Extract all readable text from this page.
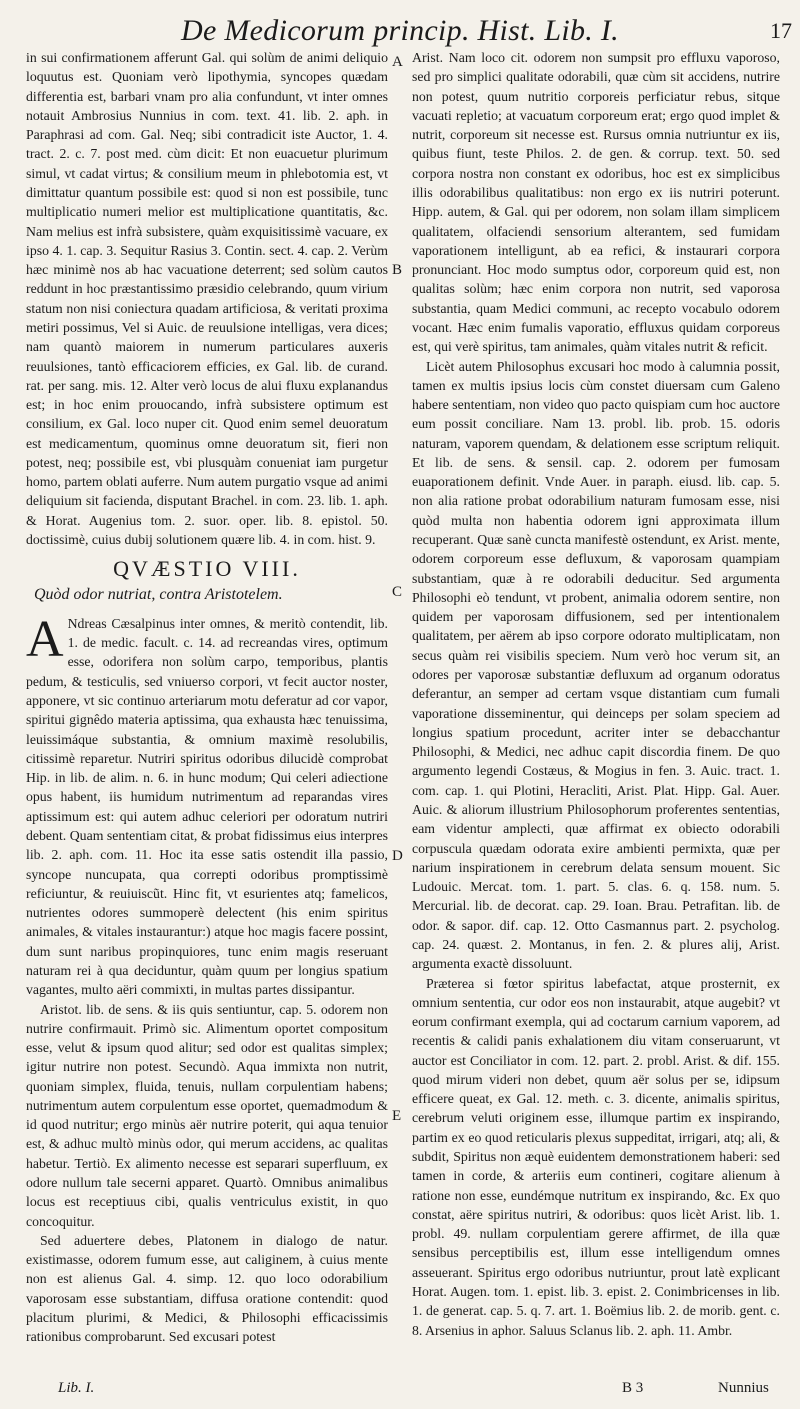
De Medicorum princip. Hist. Lib. I.	17

in sui confirmationem afferunt Gal. qui solùm de animi deliquio loquutus est. Quoniam verò lipothymia, syncopes quædam differentia est, barbari vnam pro alia confundunt, vt inter omnes notauit Ambrosius Nunnius in com. text. 41. lib. 2. aph. in Paraphrasi ad com. Gal. Neq; sibi contradicit iste Auctor, 1. 4. tract. 2. c. 7. post med. cùm dicit: Et non euacuetur plurimum simul, vt cadat virtus; & consilium meum in phlebotomia est, vt dimittatur quantum possibile est: quod si non est possibile, tunc multiplicatio numeri melior est multiplicatione quantitatis, &c. Nam melius est infrà subsistere, quàm exquisitissimè vacuare, ex ipso 4. 1. cap. 3. Sequitur Rasius 3. Contin. sect. 4. cap. 2. Verùm hæc minimè nos ab hac vacuatione deterrent; sed solùm cautos reddunt in hoc præstantissimo præsidio celebrando, quum virium statum non nisi coniectura quadam artificiosa, & veritati proxima metiri possimus, Vel si Auic. de reuulsione intelligas, vera dices; nam quantò maiorem in numerum particulares auxeris reuulsiones, tantò efficaciorem efficies, ex Gal. lib. de curand. rat. per sang. mis. 12. Alter verò locus de alui fluxu explanandus est; in hoc enim prouocando, infrà subsistere optimum est consilium, ex Gal. loco nuper cit. Quod enim semel deuoratum est medicamentum, quominus omne deuoratum sit, fieri non potest, neq; possibile est, vbi plusquàm conueniat iam purgetur homo, partem oblati auferre. Num autem purgatio vsque ad animi deliquium sit facienda, disputant Brachel. in com. 23. lib. 1. aph. & Horat. Augenius tom. 2. suor. oper. lib. 8. epistol. 50. doctissimè, cuius dubij solutionem quære lib. 4. in com. hist. 9.

QVÆSTIO VIII.
Quòd odor nutriat, contra Aristotelem.

A Ndreas Cæsalpinus inter omnes, & meritò contendit, lib. 1. de medic. facult. c. 14. ad recreandas vires, optimum esse, odorifera non solùm carpo, temporibus, plantis pedum, & testiculis, sed vniuerso corpori, vt fecit auctor noster, apponere, vt sic continuo arteriarum motu deferatur ad cor vapor, spiritui gignêdo materia aptissima, qua exhausta hæc tenuissima, leuissimáque substantia, & omnium maximè resolubilis, citissimè reparetur. Nutriri spiritus odoribus dilucidè comprobat Hip. in lib. de alim. n. 6. in hunc modum; Qui celeri adiectione opus habent, iis humidum nutrimentum ad reparandas vires aptissimum est: qui autem adhuc celeriori per odoratum nutriri debent. Quam sententiam citat, & probat fidissimus eius interpres lib. 2. aph. com. 11. Hoc ita esse satis ostendit illa passio, syncope nuncupata, qua correpti odoribus promptissimè reficiuntur, & reuiuiscũt. Hinc fit, vt esurientes atq; famelicos, nutrientes odores summoperè delectent (his enim spiritus animales, & vitales instaurantur:) atque hoc magis facere possint, dum sunt naribus propinquiores, tunc enim magis reseruant naturam rei à qua deciduntur, quàm quum per longius spatium vagantes, multo aëri commixti, in multas partes dissipantur.

Aristot. lib. de sens. & iis quis sentiuntur, cap. 5. odorem non nutrire confirmauit. Primò sic. Alimentum oportet compositum esse, velut & ipsum quod alitur; sed odor est qualitas simplex; igitur nutrire non potest. Secundò. Aqua immixta non nutrit, quoniam simplex, fluida, tenuis, nullam corpulentiam habens; nutrimentum autem corpulentum esse oportet, quemadmodum & id quod nutritur; ergo minùs aër nutrire poterit, qui aqua tenuior est, & adhuc multò minùs odor, qui merum accidens, ac qualitas habetur. Tertiò. Ex alimento necesse est separari superfluum, ex odore nullum tale secerni apparet. Quartò. Omnibus animalibus locus est receptiuus cibi, qualis ventriculus existit, in quo concoquitur.

Sed aduertere debes, Platonem in dialogo de natur. existimasse, odorem fumum esse, aut caliginem, à cuius mente non est alienus Gal. 4. simp. 12. quo loco odorabilium vaporosam esse substantiam, diffusa oratione contendit: quod placitum plurimi, & Medici, & Philosophi efficacissimis rationibus comprobarunt. Sed excusari potest

A
B
C
D
E

Arist. Nam loco cit. odorem non sumpsit pro effluxu vaporoso, sed pro simplici qualitate odorabili, quæ cùm sit accidens, nutrire non potest, quum nutritio corporeis perficiatur rebus, sitque vacuati repletio; at vacuatum corporeum erat; ergo quod implet & nutrit, corporeum sit necesse est. Rursus omnia nutriuntur ex iis, quibus fiunt, teste Philos. 2. de gen. & corrup. text. 50. sed corpora nostra non constant ex odoribus, hoc est ex simplicibus illis odorabilibus qualitatibus: non ergo ex iis nutriri poterunt. Hipp. autem, & Gal. qui per odorem, non solam illam simplicem qualitatem, olfaciendi sensorium alterantem, sed fumidam vaporationem intelligunt, ab ea refici, & instaurari corpora pronunciant. Hoc modo sumptus odor, corporeum quid est, non qualitas solùm; hæc enim corpora non nutrit, sed vaporosa substantia, quam Medici communi, ac recepto vocabulo odorem vocant. Hæc enim fumalis vaporatio, effluxus quidam corporeus est, qui verè spiritus, tam animales, quàm vitales nutrit & reficit.

Licèt autem Philosophus excusari hoc modo à calumnia possit, tamen ex multis ipsius locis cùm constet diuersam cum Galeno habere sententiam, non video quo pacto quispiam cum hoc auctore eum possit conciliare. Nam 13. probl. lib. prob. 15. odoris naturam, vaporem quendam, & delationem esse scriptum reliquit. Et lib. de sens. & sensil. cap. 2. odorem per fumosam euaporationem definit. Vnde Auer. in paraph. eiusd. lib. cap. 5. non alia ratione probat odorabilium naturam fumosam esse, nisi quòd multa non habentia odorem igni approximata illum recuperant. Quæ sanè cuncta manifestè ostendunt, ex Arist. mente, odorem corporeum esse defluxum, & vaporosam quampiam substantiam, quæ à re odorabili deducitur. Sed argumenta Philosophi eò tendunt, vt probent, animalia odorem sentire, non quidem per vaporosam diffusionem, sed per intentionalem qualitatem, per aërem ab ipso corpore odorato multiplicatam, non secus quàm rei visibilis speciem. Num verò hoc verum sit, an odores per vaporosæ substantiæ defluxum ad organum odoratus deferantur, an semper ad certam vsque distantiam cum fumali vaporatione disseminentur, qui deinceps per solam speciem ad longius spatium procedunt, acriter inter se debacchantur Philosophi, & Medici, nec adhuc capit discordia finem. De quo argumento legendi Costæus, & Mogius in fen. 3. Auic. tract. 1. com. cap. 1. qui Plotini, Heracliti, Arist. Plat. Hipp. Gal. Auer. Auic. & aliorum illustrium Philosophorum proferentes sententias, eam videntur amplecti, quæ affirmat ex obiecto odorabili corpuscula quædam odorata exire ambienti permixta, quæ per narium inspirationem in cerebrum delata sensum mouent. Sic Ludouic. Mercat. tom. 1. part. 5. clas. 6. q. 158. num. 5. Mercurial. lib. de decorat. cap. 29. Ioan. Brau. Petrafitan. lib. de odor. & sapor. dif. cap. 12. Otto Casmannus part. 2. psycholog. cap. 24. quæst. 2. Montanus, in fen. 2. & plures alij, Arist. argumenta exactè dissoluunt.

Præterea si fœtor spiritus labefactat, atque prosternit, ex omnium sententia, cur odor eos non instaurabit, atque augebit? vt eorum confirmant exempla, qui ad coctarum carnium vaporem, ad recentis & calidi panis exhalationem diu vitam conseruarunt, vt auctor est Conciliator in com. 12. part. 2. probl. Arist. & dif. 155. quod mirum videri non debet, quum aër solus per se, idipsum efficere queat, ex Gal. 12. meth. c. 3. dicente, animalis spiritus, cerebrum veluti originem esse, illumque partim ex inspirando, partim ex eo quod reticularis plexus suppeditat, irrigari, atq; ali, & subdit, Spiritus non æquè euidentem demonstrationem haberi: sed tamen in corde, & arteriis eum contineri, cogitare alienum à ratione non esse, eundémque nutritum ex inspirando, &c. Ex quo constat, aëre spiritus nutriri, & odoribus: quos licèt Arist. lib. 1. probl. 49. nullam corpulentiam gerere affirmet, de illa quæ sensibus perceptibilis est, illum esse intelligendum omnes asseuerant. Spiritus ergo odoribus nutriuntur, prout latè explicant Horat. Augen. tom. 1. epist. lib. 3. epist. 2. Conimbricenses in lib. 1. de generat. cap. 5. q. 7. art. 1. Boëmius lib. 2. de morib. gent. c. 8. Arsenius in aphor. Saluus Sclanus lib. 2. aph. 11. Ambr.

Lib. I.	B 3	Nunnius
